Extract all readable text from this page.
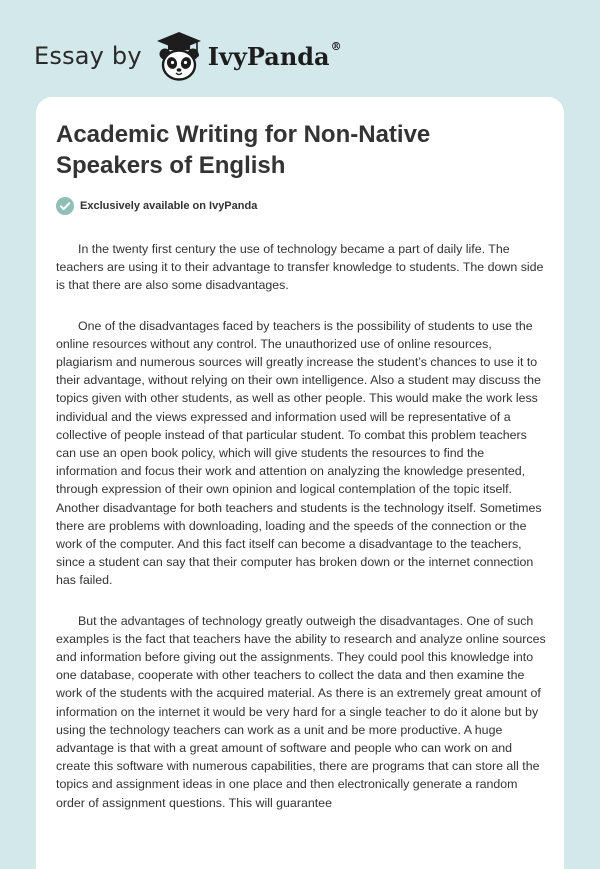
Essay by	IvyPanda®
Academic Writing for Non-Native Speakers of English
Exclusively available on IvyPanda

In the twenty first century the use of technology became a part of daily life. The teachers are using it to their advantage to transfer knowledge to students. The down side is that there are also some disadvantages.

One of the disadvantages faced by teachers is the possibility of students to use the online resources without any control. The unauthorized use of online resources, plagiarism and numerous sources will greatly increase the student’s chances to use it to their advantage, without relying on their own intelligence. Also a student may discuss the topics given with other students, as well as other people. This would make the work less individual and the views expressed and information used will be representative of a collective of people instead of that particular student. To combat this problem teachers can use an open book policy, which will give students the resources to find the information and focus their work and attention on analyzing the knowledge presented, through expression of their own opinion and logical contemplation of the topic itself. Another disadvantage for both teachers and students is the technology itself. Sometimes there are problems with downloading, loading and the speeds of the connection or the work of the computer. And this fact itself can become a disadvantage to the teachers, since a student can say that their computer has broken down or the internet connection has failed.

But the advantages of technology greatly outweigh the disadvantages. One of such examples is the fact that teachers have the ability to research and analyze online sources and information before giving out the assignments. They could pool this knowledge into one database, cooperate with other teachers to collect the data and then examine the work of the students with the acquired material. As there is an extremely great amount of information on the internet it would be very hard for a single teacher to do it alone but by using the technology teachers can work as a unit and be more productive. A huge advantage is that with a great amount of software and people who can work on and create this software with numerous capabilities, there are programs that can store all the topics and assignment ideas in one place and then electronically generate a random order of assignment questions. This will guarantee
